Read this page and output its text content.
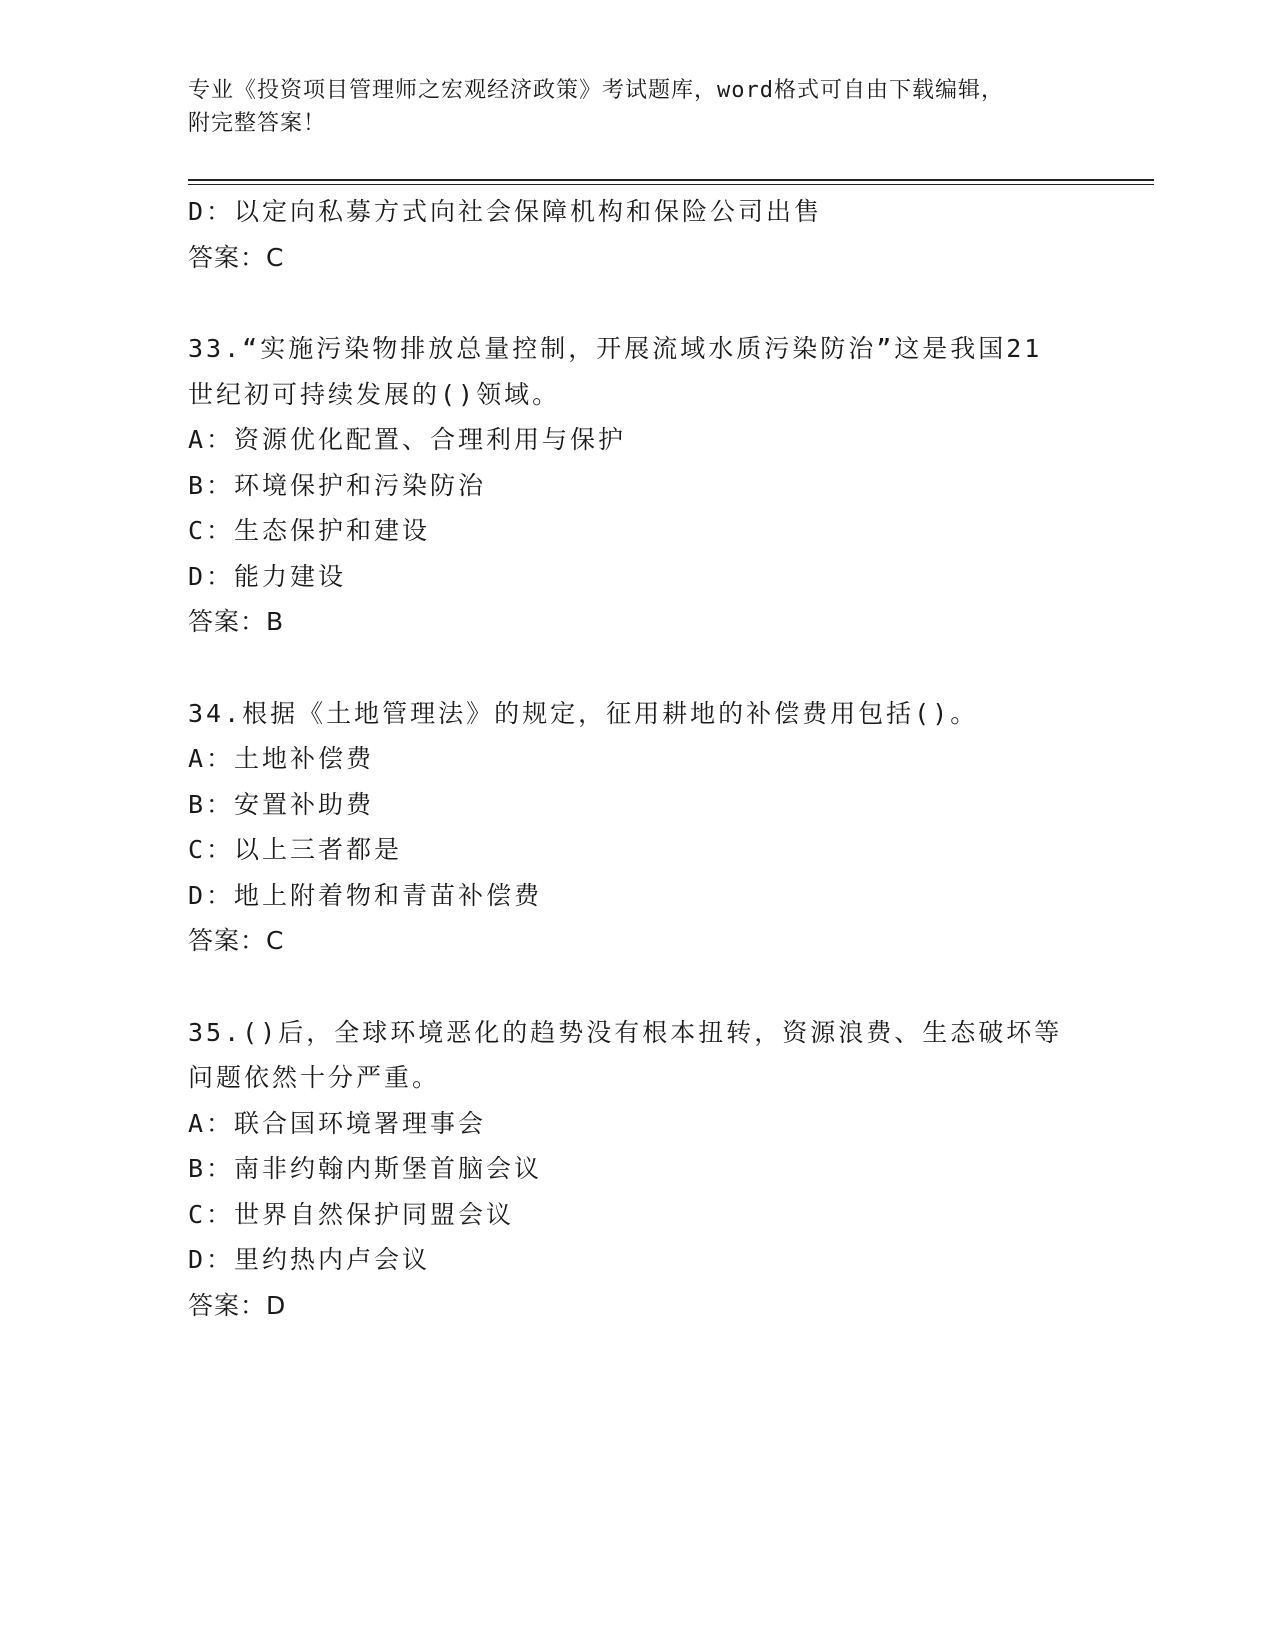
专业《投资项目管理师之宏观经济政策》考试题库，word格式可自由下载编辑，
附完整答案！
D：以定向私募方式向社会保障机构和保险公司出售
答案：C
33.“实施污染物排放总量控制，开展流域水质污染防治”这是我国21
世纪初可持续发展的()领域。
A：资源优化配置、合理利用与保护
B：环境保护和污染防治
C：生态保护和建设
D：能力建设
答案：B
34.根据《土地管理法》的规定，征用耕地的补偿费用包括()。
A：土地补偿费
B：安置补助费
C：以上三者都是
D：地上附着物和青苗补偿费
答案：C
35.()后，全球环境恶化的趋势没有根本扭转，资源浪费、生态破坏等
问题依然十分严重。
A：联合国环境署理事会
B：南非约翰内斯堡首脑会议
C：世界自然保护同盟会议
D：里约热内卢会议
答案：D
